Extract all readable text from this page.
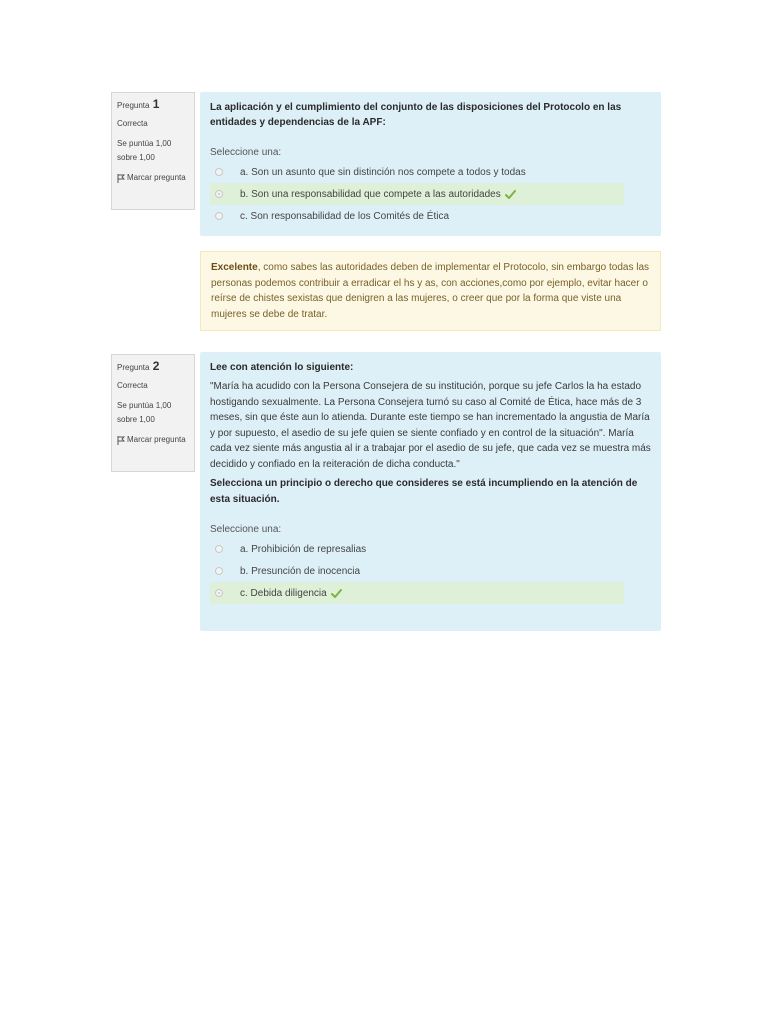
Pregunta 1
Correcta
Se puntúa 1,00 sobre 1,00
Marcar pregunta
La aplicación y el cumplimiento del conjunto de las disposiciones del Protocolo en las entidades y dependencias de la APF:
Seleccione una:
a. Son un asunto que sin distinción nos compete a todos y todas
b. Son una responsabilidad que compete a las autoridades
c. Son responsabilidad de los Comités de Ética
Excelente, como sabes las autoridades deben de implementar el Protocolo, sin embargo todas las personas podemos contribuir a erradicar el hs y as, con acciones,como por ejemplo, evitar hacer o reírse de chistes sexistas que denigren a las mujeres, o creer que por la forma que viste una mujeres se debe de tratar.
Pregunta 2
Correcta
Se puntúa 1,00 sobre 1,00
Marcar pregunta
Lee con atención lo siguiente:
"María ha acudido con la Persona Consejera de su institución, porque su jefe Carlos la ha estado hostigando sexualmente. La Persona Consejera turnó su caso al Comité de Ética, hace más de 3 meses, sin que éste aun lo atienda. Durante este tiempo se han incrementado la angustia de María y por supuesto, el asedio de su jefe quien se siente confiado y en control de la situación". María cada vez siente más angustia al ir a trabajar por el asedio de su jefe, que cada vez se muestra más decidido y confiado en la reiteración de dicha conducta."
Selecciona un principio o derecho que consideres se está incumpliendo en la atención de esta situación.
Seleccione una:
a. Prohibición de represalias
b. Presunción de inocencia
c. Debida diligencia
